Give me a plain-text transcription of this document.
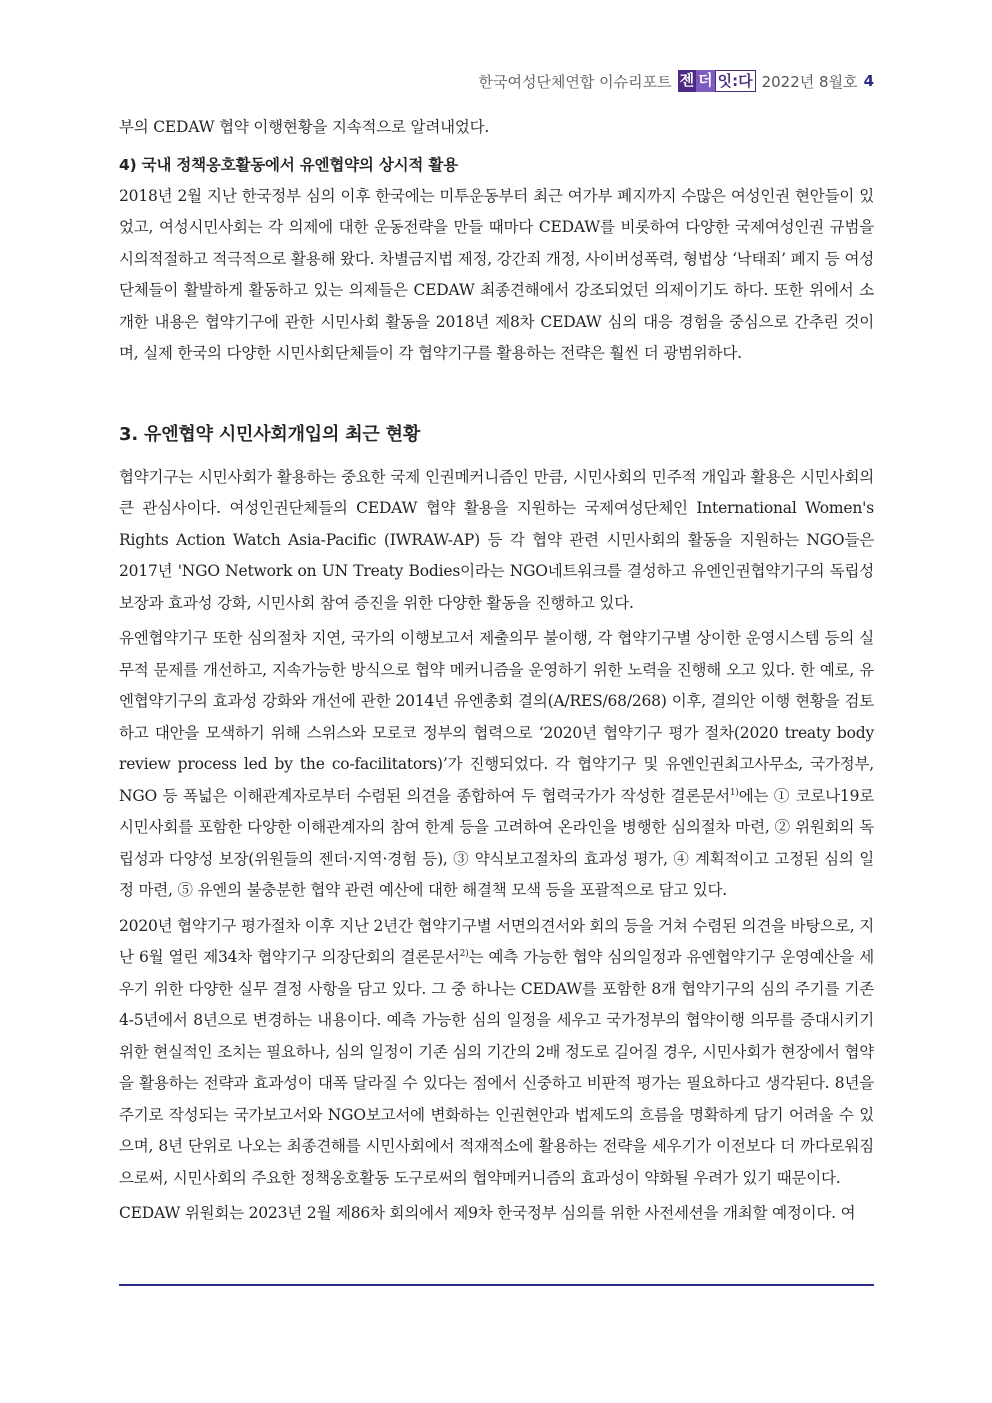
한국여성단체연합 이슈리포트 젠 더 잇:다 2022년 8월호 4

부의 CEDAW 협약 이행현황을 지속적으로 알려내었다.

4) 국내 정책옹호활동에서 유엔협약의 상시적 활용

2018년 2월 지난 한국정부 심의 이후 한국에는 미투운동부터 최근 여가부 폐지까지 수많은 여성인권 현안들이 있었고, 여성시민사회는 각 의제에 대한 운동전략을 만들 때마다 CEDAW를 비롯하여 다양한 국제여성인권 규범을 시의적절하고 적극적으로 활용해 왔다. 차별금지법 제정, 강간죄 개정, 사이버성폭력, 형법상 ‘낙태죄’ 폐지 등 여성단체들이 활발하게 활동하고 있는 의제들은 CEDAW 최종견해에서 강조되었던 의제이기도 하다. 또한 위에서 소개한 내용은 협약기구에 관한 시민사회 활동을 2018년 제8차 CEDAW 심의 대응 경험을 중심으로 간추린 것이며, 실제 한국의 다양한 시민사회단체들이 각 협약기구를 활용하는 전략은 훨씬 더 광범위하다.

3. 유엔협약 시민사회개입의 최근 현황

협약기구는 시민사회가 활용하는 중요한 국제 인권메커니즘인 만큼, 시민사회의 민주적 개입과 활용은 시민사회의 큰 관심사이다. 여성인권단체들의 CEDAW 협약 활용을 지원하는 국제여성단체인 International Women's Rights Action Watch Asia-Pacific (IWRAW-AP) 등 각 협약 관련 시민사회의 활동을 지원하는 NGO들은 2017년 'NGO Network on UN Treaty Bodies이라는 NGO네트워크를 결성하고 유엔인권협약기구의 독립성 보장과 효과성 강화, 시민사회 참여 증진을 위한 다양한 활동을 진행하고 있다.

유엔협약기구 또한 심의절차 지연, 국가의 이행보고서 제출의무 불이행, 각 협약기구별 상이한 운영시스템 등의 실무적 문제를 개선하고, 지속가능한 방식으로 협약 메커니즘을 운영하기 위한 노력을 진행해 오고 있다. 한 예로, 유엔협약기구의 효과성 강화와 개선에 관한 2014년 유엔총회 결의(A/RES/68/268) 이후, 결의안 이행 현황을 검토하고 대안을 모색하기 위해 스위스와 모로코 정부의 협력으로 ‘2020년 협약기구 평가 절차(2020 treaty body review process led by the co-facilitators)’가 진행되었다. 각 협약기구 및 유엔인권최고사무소, 국가정부, NGO 등 폭넓은 이해관계자로부터 수렴된 의견을 종합하여 두 협력국가가 작성한 결론문서$^{1)}$에는 ① 코로나19로 시민사회를 포함한 다양한 이해관계자의 참여 한계 등을 고려하여 온라인을 병행한 심의절차 마련, ② 위원회의 독립성과 다양성 보장(위원들의 젠더·지역·경험 등), ③ 약식보고절차의 효과성 평가, ④ 계획적이고 고정된 심의 일정 마련, ⑤ 유엔의 불충분한 협약 관련 예산에 대한 해결책 모색 등을 포괄적으로 담고 있다.

2020년 협약기구 평가절차 이후 지난 2년간 협약기구별 서면의견서와 회의 등을 거쳐 수렴된 의견을 바탕으로, 지난 6월 열린 제34차 협약기구 의장단회의 결론문서$^{2)}$는 예측 가능한 협약 심의일정과 유엔협약기구 운영예산을 세우기 위한 다양한 실무 결정 사항을 담고 있다. 그 중 하나는 CEDAW를 포함한 8개 협약기구의 심의 주기를 기존 4-5년에서 8년으로 변경하는 내용이다. 예측 가능한 심의 일정을 세우고 국가정부의 협약이행 의무를 증대시키기 위한 현실적인 조치는 필요하나, 심의 일정이 기존 심의 기간의 2배 정도로 길어질 경우, 시민사회가 현장에서 협약을 활용하는 전략과 효과성이 대폭 달라질 수 있다는 점에서 신중하고 비판적 평가는 필요하다고 생각된다. 8년을 주기로 작성되는 국가보고서와 NGO보고서에 변화하는 인권현안과 법제도의 흐름을 명확하게 담기 어려울 수 있으며, 8년 단위로 나오는 최종견해를 시민사회에서 적재적소에 활용하는 전략을 세우기가 이전보다 더 까다로워짐으로써, 시민사회의 주요한 정책옹호활동 도구로써의 협약메커니즘의 효과성이 약화될 우려가 있기 때문이다.

CEDAW 위원회는 2023년 2월 제86차 회의에서 제9차 한국정부 심의를 위한 사전세션을 개최할 예정이다. 여
